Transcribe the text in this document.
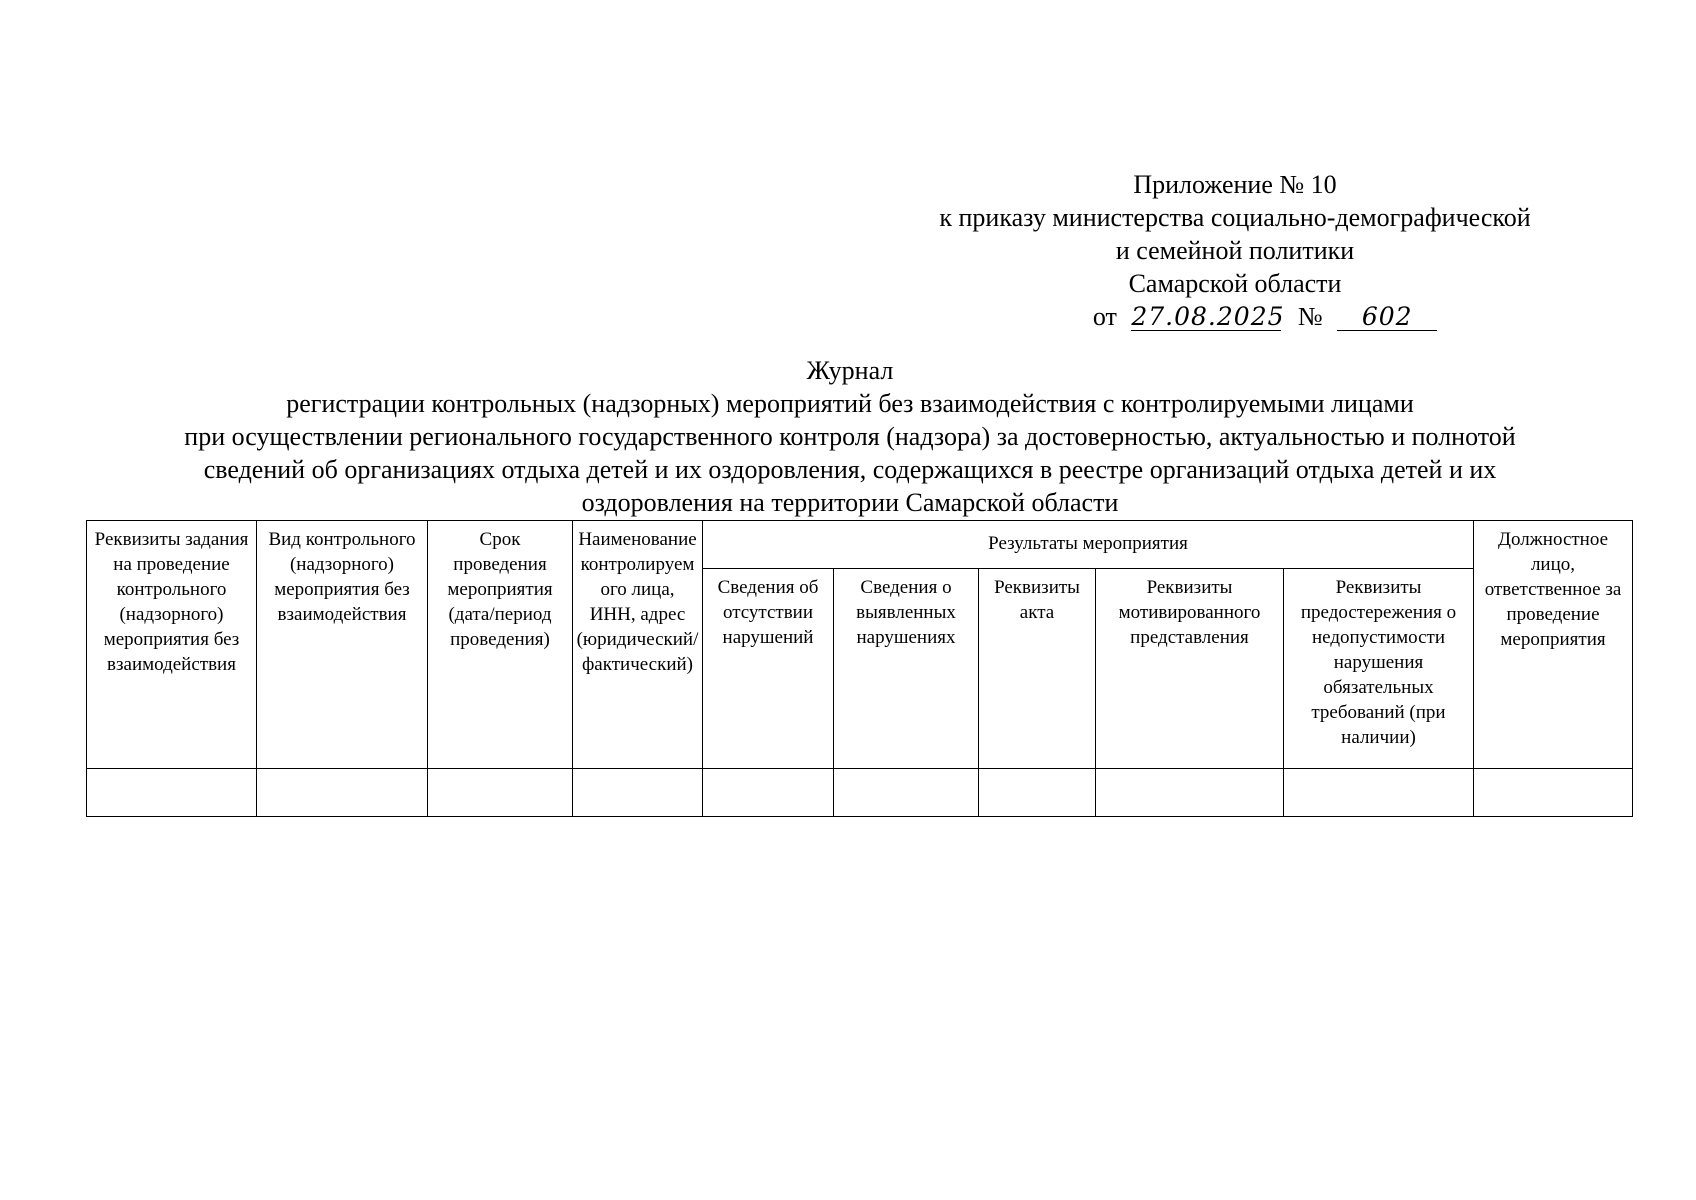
Приложение № 10
к приказу министерства социально-демографической
и семейной политики
Самарской области
от 27.08.2025 № 602
Журнал
регистрации контрольных (надзорных) мероприятий без взаимодействия с контролируемыми лицами
при осуществлении регионального государственного контроля (надзора) за достоверностью, актуальностью и полнотой
сведений об организациях отдыха детей и их оздоровления, содержащихся в реестре организаций отдыха детей и их
оздоровления на территории Самарской области
Реквизиты задания на проведение контрольного (надзорного) мероприятия без взаимодействия	Вид контрольного (надзорного) мероприятия без взаимодействия	Срок проведения мероприятия (дата/период проведения)	Наименование контролируемого лица, ИНН, адрес (юридический/фактический)	Результаты мероприятия					Должностное лицо, ответственное за проведение мероприятия
				Сведения об отсутствии нарушений	Сведения о выявленных нарушениях	Реквизиты акта	Реквизиты мотивированного представления	Реквизиты предостережения о недопустимости нарушения обязательных требований (при наличии)	
